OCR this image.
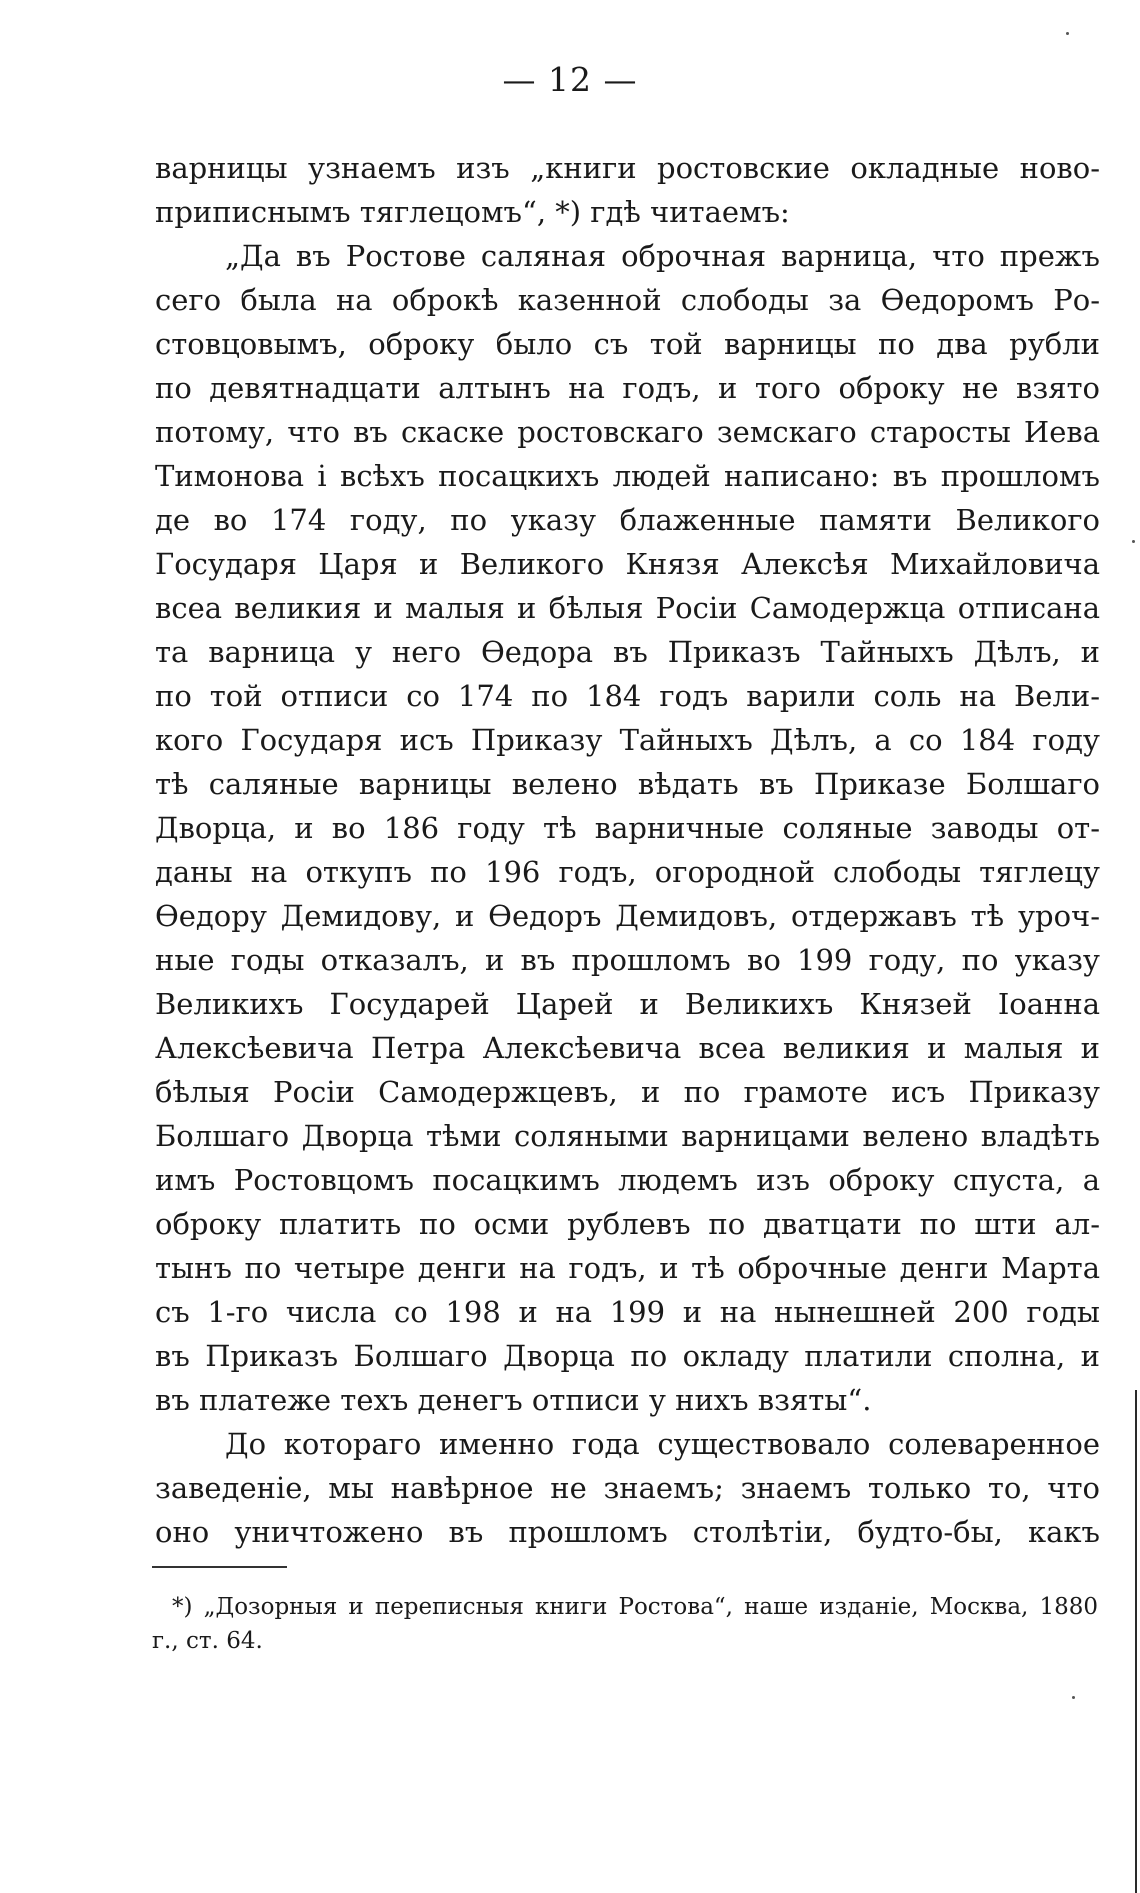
— 12 —
варницы узнаемъ изъ „книги ростовские окладные ново-
приписнымъ тяглецомъ“, *) гдѣ читаемъ:
„Да въ Ростове саляная оброчная варница, что прежъ
сего была на оброкѣ казенной слободы за Ѳедоромъ Ро-
стовцовымъ, оброку было съ той варницы по два рубли
по девятнадцати алтынъ на годъ, и того оброку не взято
потому, что въ скаске ростовскаго земскаго старосты Иева
Тимонова і всѣхъ посацкихъ людей написано: въ прошломъ
де во 174 году, по указу блаженные памяти Великого
Государя Царя и Великого Князя Алексѣя Михайловича
всеа великия и малыя и бѣлыя Росіи Самодержца отписана
та варница у него Ѳедора въ Приказъ Тайныхъ Дѣлъ, и
по той отписи со 174 по 184 годъ варили соль на Вели-
кого Государя исъ Приказу Тайныхъ Дѣлъ, а со 184 году
тѣ саляные варницы велено вѣдать въ Приказе Болшаго
Дворца, и во 186 году тѣ варничные соляные заводы от-
даны на откупъ по 196 годъ, огородной слободы тяглецу
Ѳедору Демидову, и Ѳедоръ Демидовъ, отдержавъ тѣ уроч-
ные годы отказалъ, и въ прошломъ во 199 году, по указу
Великихъ Государей Царей и Великихъ Князей Іоанна
Алексѣевича Петра Алексѣевича всеа великия и малыя и
бѣлыя Росіи Самодержцевъ, и по грамоте исъ Приказу
Болшаго Дворца тѣми соляными варницами велено владѣть
имъ Ростовцомъ посацкимъ людемъ изъ оброку спуста, а
оброку платить по осми рублевъ по дватцати по шти ал-
тынъ по четыре денги на годъ, и тѣ оброчные денги Марта
съ 1-го числа со 198 и на 199 и на нынешней 200 годы
въ Приказъ Болшаго Дворца по окладу платили сполна, и
въ платеже техъ денегъ отписи у нихъ взяты“.
До котораго именно года существовало солеваренное
заведеніе, мы навѣрное не знаемъ; знаемъ только то, что
оно уничтожено въ прошломъ столѣтіи, будто-бы, какъ
*) „Дозорныя и переписныя книги Ростова“, наше изданіе, Москва, 1880
г., ст. 64.
